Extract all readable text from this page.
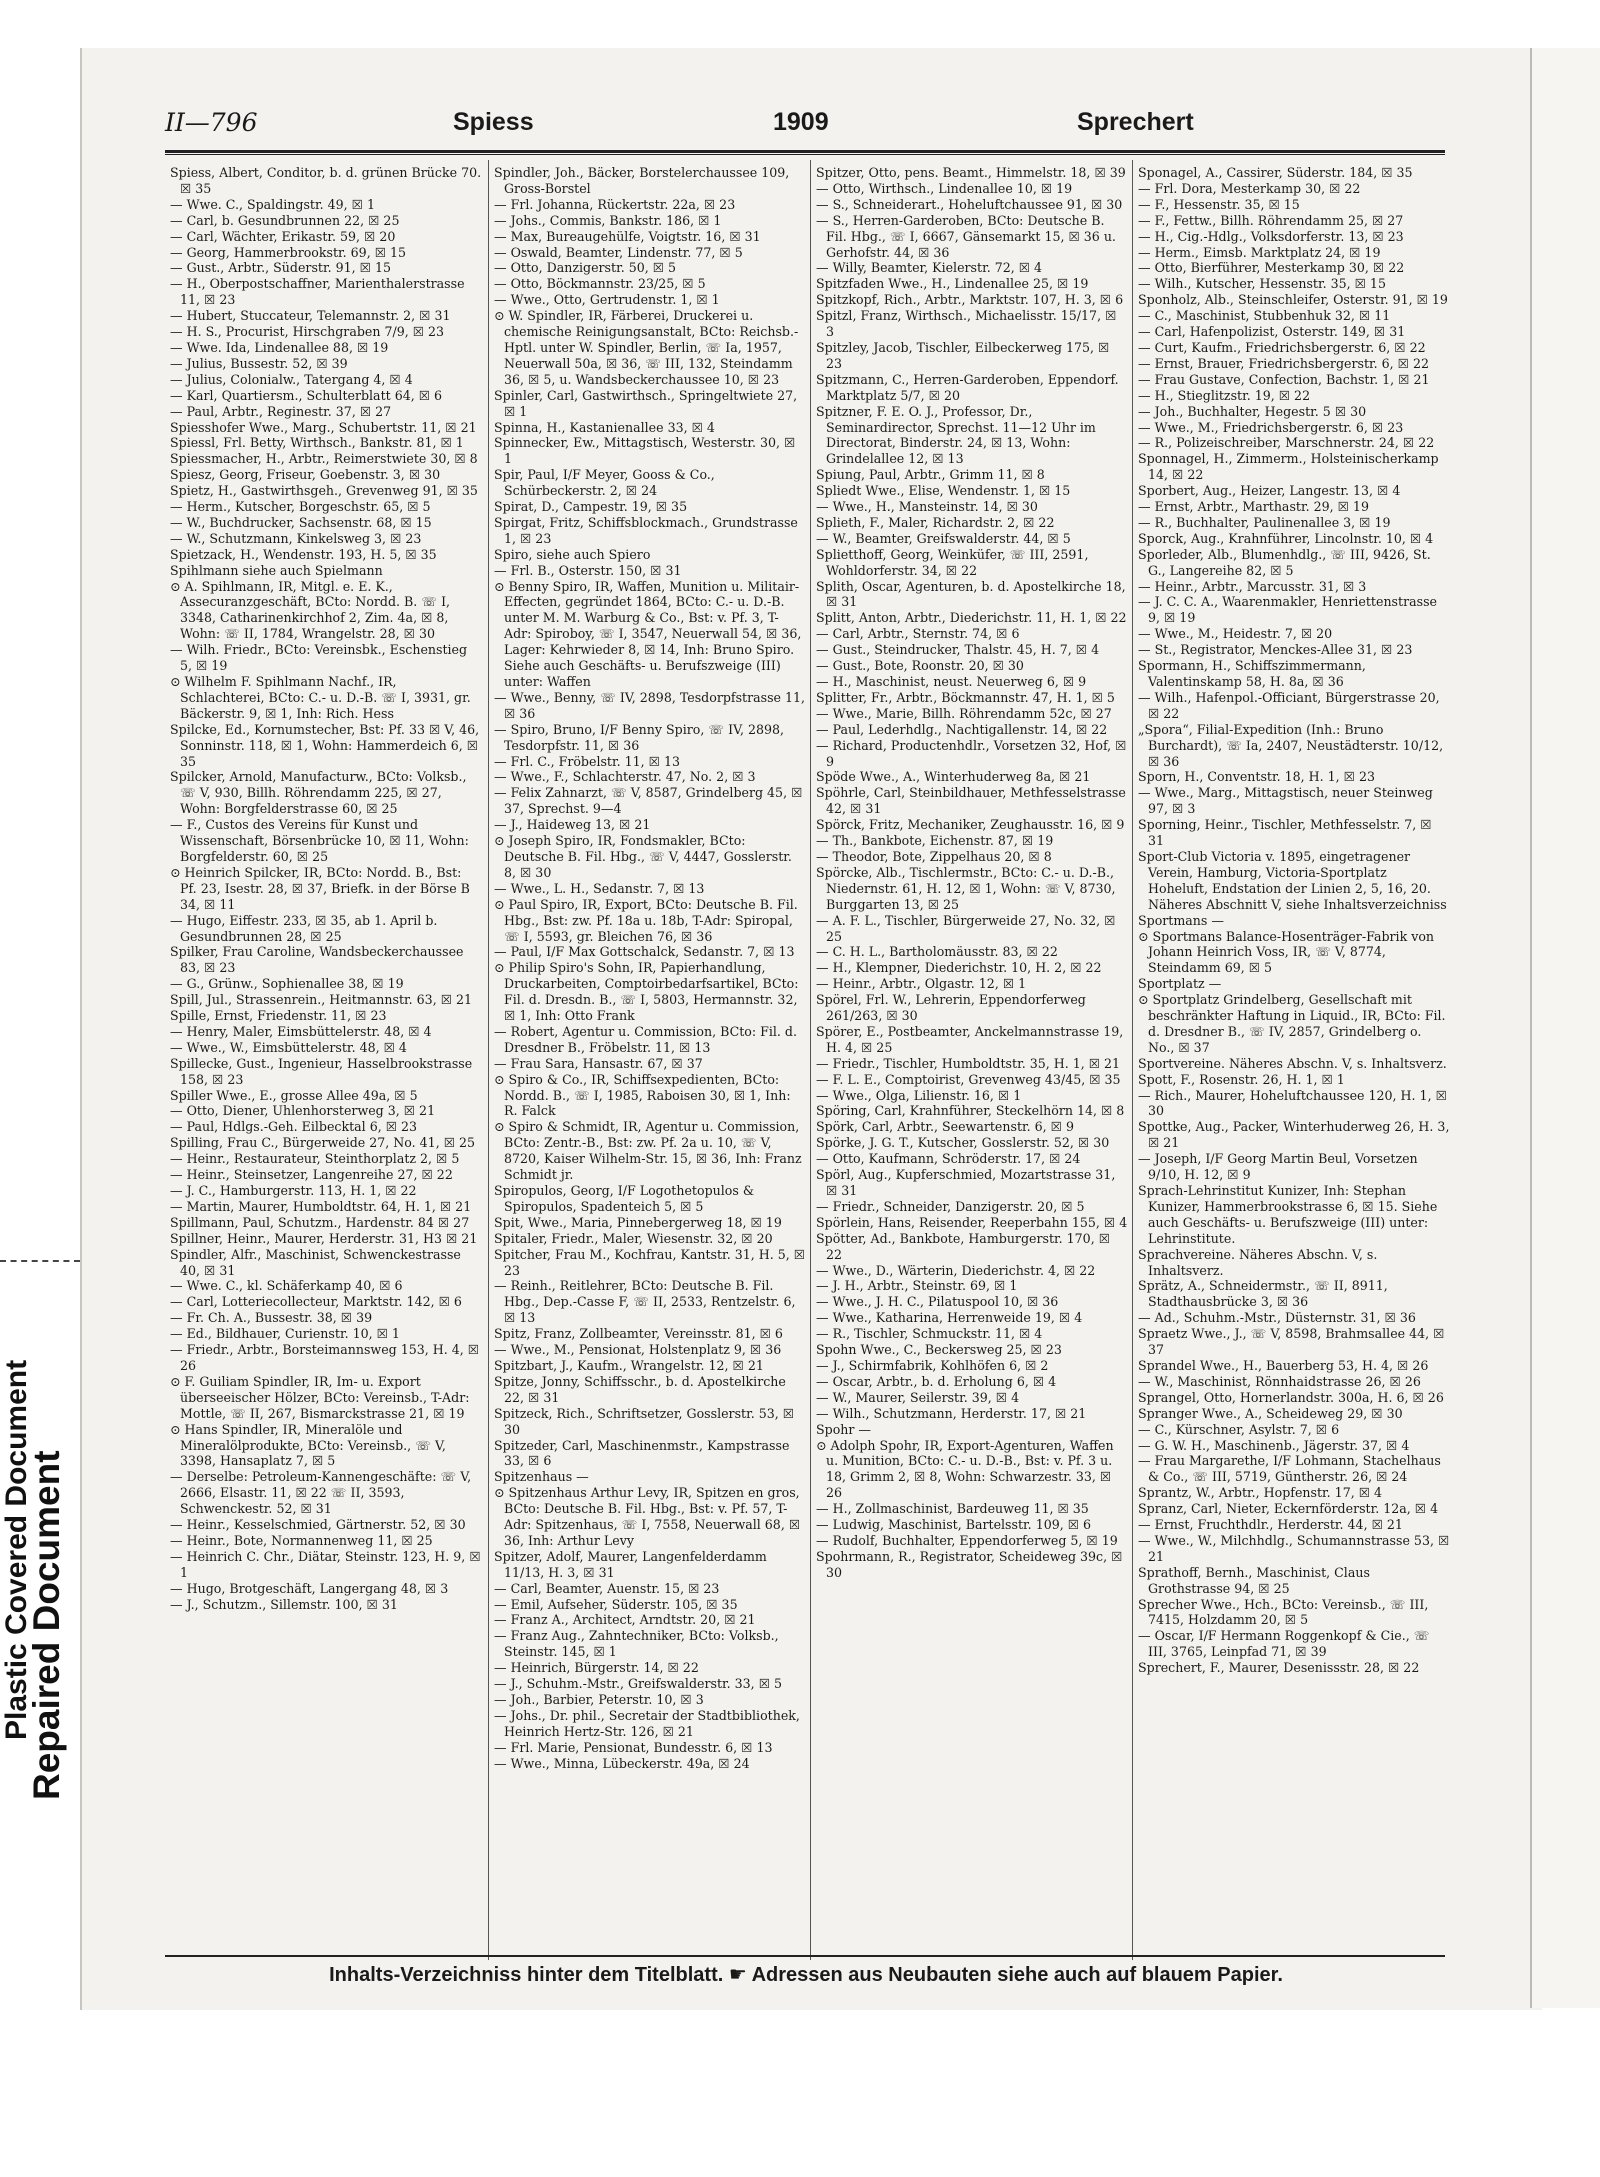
Repaired Document
Plastic Covered Document
II—796	Spiess	1909	Sprechert
Spiess, Albert, Conditor, b. d. grünen Brücke 70. ☒ 35
— Wwe. C., Spaldingstr. 49, ☒ 1
— Carl, b. Gesundbrunnen 22, ☒ 25
— Carl, Wächter, Erikastr. 59, ☒ 20
— Georg, Hammerbrookstr. 69, ☒ 15
— Gust., Arbtr., Süderstr. 91, ☒ 15
— H., Oberpostschaffner, Marienthalerstrasse 11, ☒ 23
— Hubert, Stuccateur, Telemannstr. 2, ☒ 31
— H. S., Procurist, Hirschgraben 7/9, ☒ 23
— Wwe. Ida, Lindenallee 88, ☒ 19
— Julius, Bussestr. 52, ☒ 39
— Julius, Colonialw., Tatergang 4, ☒ 4
— Karl, Quartiersm., Schulterblatt 64, ☒ 6
— Paul, Arbtr., Reginestr. 37, ☒ 27
Spiesshofer Wwe., Marg., Schubertstr. 11, ☒ 21
Spiessl, Frl. Betty, Wirthsch., Bankstr. 81, ☒ 1
Spiessmacher, H., Arbtr., Reimerstwiete 30, ☒ 8
Spiesz, Georg, Friseur, Goebenstr. 3, ☒ 30
Spietz, H., Gastwirthsgeh., Grevenweg 91, ☒ 35
— Herm., Kutscher, Borgeschstr. 65, ☒ 5
— W., Buchdrucker, Sachsenstr. 68, ☒ 15
— W., Schutzmann, Kinkelsweg 3, ☒ 23
Spietzack, H., Wendenstr. 193, H. 5, ☒ 35
Spihlmann siehe auch Spielmann
⊙ A. Spihlmann, IR, Mitgl. e. E. K., Assecuranzgeschäft, BCto: Nordd. B. ☏ I, 3348, Catharinenkirchhof 2, Zim. 4a, ☒ 8, Wohn: ☏ II, 1784, Wrangelstr. 28, ☒ 30
— Wilh. Friedr., BCto: Vereinsbk., Eschenstieg 5, ☒ 19
⊙ Wilhelm F. Spihlmann Nachf., IR, Schlachterei, BCto: C.- u. D.-B. ☏ I, 3931, gr. Bäckerstr. 9, ☒ 1, Inh: Rich. Hess
Spilcke, Ed., Kornumstecher, Bst: Pf. 33 ☒ V, 46, Sonninstr. 118, ☒ 1, Wohn: Hammerdeich 6, ☒ 35
Spilcker, Arnold, Manufacturw., BCto: Volksb., ☏ V, 930, Billh. Röhrendamm 225, ☒ 27, Wohn: Borgfelderstrasse 60, ☒ 25
— F., Custos des Vereins für Kunst und Wissenschaft, Börsenbrücke 10, ☒ 11, Wohn: Borgfelderstr. 60, ☒ 25
⊙ Heinrich Spilcker, IR, BCto: Nordd. B., Bst: Pf. 23, Isestr. 28, ☒ 37, Briefk. in der Börse B 34, ☒ 11
— Hugo, Eiffestr. 233, ☒ 35, ab 1. April b. Gesundbrunnen 28, ☒ 25
Spilker, Frau Caroline, Wandsbeckerchaussee 83, ☒ 23
— G., Grünw., Sophienallee 38, ☒ 19
Spill, Jul., Strassenrein., Heitmannstr. 63, ☒ 21
Spille, Ernst, Friedenstr. 11, ☒ 23
— Henry, Maler, Eimsbüttelerstr. 48, ☒ 4
— Wwe., W., Eimsbüttelerstr. 48, ☒ 4
Spillecke, Gust., Ingenieur, Hasselbrookstrasse 158, ☒ 23
Spiller Wwe., E., grosse Allee 49a, ☒ 5
— Otto, Diener, Uhlenhorsterweg 3, ☒ 21
— Paul, Hdlgs.-Geh. Eilbecktal 6, ☒ 23
Spilling, Frau C., Bürgerweide 27, No. 41, ☒ 25
— Heinr., Restaurateur, Steinthorplatz 2, ☒ 5
— Heinr., Steinsetzer, Langenreihe 27, ☒ 22
— J. C., Hamburgerstr. 113, H. 1, ☒ 22
— Martin, Maurer, Humboldtstr. 64, H. 1, ☒ 21
Spillmann, Paul, Schutzm., Hardenstr. 84 ☒ 27
Spillner, Heinr., Maurer, Herderstr. 31, H3 ☒ 21
Spindler, Alfr., Maschinist, Schwenckestrasse 40, ☒ 31
— Wwe. C., kl. Schäferkamp 40, ☒ 6
— Carl, Lotteriecollecteur, Marktstr. 142, ☒ 6
— Fr. Ch. A., Bussestr. 38, ☒ 39
— Ed., Bildhauer, Curienstr. 10, ☒ 1
— Friedr., Arbtr., Borsteimannsweg 153, H. 4, ☒ 26
⊙ F. Guiliam Spindler, IR, Im- u. Export überseeischer Hölzer, BCto: Vereinsb., T-Adr: Mottle, ☏ II, 267, Bismarckstrasse 21, ☒ 19
⊙ Hans Spindler, IR, Mineralöle und Mineralölprodukte, BCto: Vereinsb., ☏ V, 3398, Hansaplatz 7, ☒ 5
— Derselbe: Petroleum-Kannengeschäfte: ☏ V, 2666, Elsastr. 11, ☒ 22 ☏ II, 3593, Schwenckestr. 52, ☒ 31
— Heinr., Kesselschmied, Gärtnerstr. 52, ☒ 30
— Heinr., Bote, Normannenweg 11, ☒ 25
— Heinrich C. Chr., Diätar, Steinstr. 123, H. 9, ☒ 1
— Hugo, Brotgeschäft, Langergang 48, ☒ 3
— J., Schutzm., Sillemstr. 100, ☒ 31
Spindler, Joh., Bäcker, Borstelerchaussee 109, Gross-Borstel
— Frl. Johanna, Rückertstr. 22a, ☒ 23
— Johs., Commis, Bankstr. 186, ☒ 1
— Max, Bureaugehülfe, Voigtstr. 16, ☒ 31
— Oswald, Beamter, Lindenstr. 77, ☒ 5
— Otto, Danzigerstr. 50, ☒ 5
— Otto, Böckmannstr. 23/25, ☒ 5
— Wwe., Otto, Gertrudenstr. 1, ☒ 1
⊙ W. Spindler, IR, Färberei, Druckerei u. chemische Reinigungsanstalt, BCto: Reichsb.-Hptl. unter W. Spindler, Berlin, ☏ Ia, 1957, Neuerwall 50a, ☒ 36, ☏ III, 132, Steindamm 36, ☒ 5, u. Wandsbeckerchaussee 10, ☒ 23
Spinler, Carl, Gastwirthsch., Springeltwiete 27, ☒ 1
Spinna, H., Kastanienallee 33, ☒ 4
Spinnecker, Ew., Mittagstisch, Westerstr. 30, ☒ 1
Spir, Paul, I/F Meyer, Gooss & Co., Schürbeckerstr. 2, ☒ 24
Spirat, D., Campestr. 19, ☒ 35
Spirgat, Fritz, Schiffsblockmach., Grundstrasse 1, ☒ 23
Spiro, siehe auch Spiero
— Frl. B., Osterstr. 150, ☒ 31
⊙ Benny Spiro, IR, Waffen, Munition u. Militair-Effecten, gegründet 1864, BCto: C.- u. D.-B. unter M. M. Warburg & Co., Bst: v. Pf. 3, T-Adr: Spiroboy, ☏ I, 3547, Neuerwall 54, ☒ 36, Lager: Kehrwieder 8, ☒ 14, Inh: Bruno Spiro. Siehe auch Geschäfts- u. Berufszweige (III) unter: Waffen
— Wwe., Benny, ☏ IV, 2898, Tesdorpfstrasse 11, ☒ 36
— Spiro, Bruno, I/F Benny Spiro, ☏ IV, 2898, Tesdorpfstr. 11, ☒ 36
— Frl. C., Fröbelstr. 11, ☒ 13
— Wwe., F., Schlachterstr. 47, No. 2, ☒ 3
— Felix Zahnarzt, ☏ V, 8587, Grindelberg 45, ☒ 37, Sprechst. 9—4
— J., Haideweg 13, ☒ 21
⊙ Joseph Spiro, IR, Fondsmakler, BCto: Deutsche B. Fil. Hbg., ☏ V, 4447, Gosslerstr. 8, ☒ 30
— Wwe., L. H., Sedanstr. 7, ☒ 13
⊙ Paul Spiro, IR, Export, BCto: Deutsche B. Fil. Hbg., Bst: zw. Pf. 18a u. 18b, T-Adr: Spiropal, ☏ I, 5593, gr. Bleichen 76, ☒ 36
— Paul, I/F Max Gottschalck, Sedanstr. 7, ☒ 13
⊙ Philip Spiro's Sohn, IR, Papierhandlung, Druckarbeiten, Comptoirbedarfsartikel, BCto: Fil. d. Dresdn. B., ☏ I, 5803, Hermannstr. 32, ☒ 1, Inh: Otto Frank
— Robert, Agentur u. Commission, BCto: Fil. d. Dresdner B., Fröbelstr. 11, ☒ 13
— Frau Sara, Hansastr. 67, ☒ 37
⊙ Spiro & Co., IR, Schiffsexpedienten, BCto: Nordd. B., ☏ I, 1985, Raboisen 30, ☒ 1, Inh: R. Falck
⊙ Spiro & Schmidt, IR, Agentur u. Commission, BCto: Zentr.-B., Bst: zw. Pf. 2a u. 10, ☏ V, 8720, Kaiser Wilhelm-Str. 15, ☒ 36, Inh: Franz Schmidt jr.
Spiropulos, Georg, I/F Logothetopulos & Spiropulos, Spadenteich 5, ☒ 5
Spit, Wwe., Maria, Pinnebergerweg 18, ☒ 19
Spitaler, Friedr., Maler, Wiesenstr. 32, ☒ 20
Spitcher, Frau M., Kochfrau, Kantstr. 31, H. 5, ☒ 23
— Reinh., Reitlehrer, BCto: Deutsche B. Fil. Hbg., Dep.-Casse F, ☏ II, 2533, Rentzelstr. 6, ☒ 13
Spitz, Franz, Zollbeamter, Vereinsstr. 81, ☒ 6
— Wwe., M., Pensionat, Holstenplatz 9, ☒ 36
Spitzbart, J., Kaufm., Wrangelstr. 12, ☒ 21
Spitze, Jonny, Schiffsschr., b. d. Apostelkirche 22, ☒ 31
Spitzeck, Rich., Schriftsetzer, Gosslerstr. 53, ☒ 30
Spitzeder, Carl, Maschinenmstr., Kampstrasse 33, ☒ 6
Spitzenhaus —
⊙ Spitzenhaus Arthur Levy, IR, Spitzen en gros, BCto: Deutsche B. Fil. Hbg., Bst: v. Pf. 57, T-Adr: Spitzenhaus, ☏ I, 7558, Neuerwall 68, ☒ 36, Inh: Arthur Levy
Spitzer, Adolf, Maurer, Langenfelderdamm 11/13, H. 3, ☒ 31
— Carl, Beamter, Auenstr. 15, ☒ 23
— Emil, Aufseher, Süderstr. 105, ☒ 35
— Franz A., Architect, Arndtstr. 20, ☒ 21
— Franz Aug., Zahntechniker, BCto: Volksb., Steinstr. 145, ☒ 1
— Heinrich, Bürgerstr. 14, ☒ 22
— J., Schuhm.-Mstr., Greifswalderstr. 33, ☒ 5
— Joh., Barbier, Peterstr. 10, ☒ 3
— Johs., Dr. phil., Secretair der Stadtbibliothek, Heinrich Hertz-Str. 126, ☒ 21
— Frl. Marie, Pensionat, Bundesstr. 6, ☒ 13
— Wwe., Minna, Lübeckerstr. 49a, ☒ 24
Spitzer, Otto, pens. Beamt., Himmelstr. 18, ☒ 39
— Otto, Wirthsch., Lindenallee 10, ☒ 19
— S., Schneiderart., Hoheluftchaussee 91, ☒ 30
— S., Herren-Garderoben, BCto: Deutsche B. Fil. Hbg., ☏ I, 6667, Gänsemarkt 15, ☒ 36 u. Gerhofstr. 44, ☒ 36
— Willy, Beamter, Kielerstr. 72, ☒ 4
Spitzfaden Wwe., H., Lindenallee 25, ☒ 19
Spitzkopf, Rich., Arbtr., Marktstr. 107, H. 3, ☒ 6
Spitzl, Franz, Wirthsch., Michaelisstr. 15/17, ☒ 3
Spitzley, Jacob, Tischler, Eilbeckerweg 175, ☒ 23
Spitzmann, C., Herren-Garderoben, Eppendorf. Marktplatz 5/7, ☒ 20
Spitzner, F. E. O. J., Professor, Dr., Seminardirector, Sprechst. 11—12 Uhr im Directorat, Binderstr. 24, ☒ 13, Wohn: Grindelallee 12, ☒ 13
Spiung, Paul, Arbtr., Grimm 11, ☒ 8
Spliedt Wwe., Elise, Wendenstr. 1, ☒ 15
— Wwe., H., Mansteinstr. 14, ☒ 30
Splieth, F., Maler, Richardstr. 2, ☒ 22
— W., Beamter, Greifswalderstr. 44, ☒ 5
Splietthoff, Georg, Weinküfer, ☏ III, 2591, Wohldorferstr. 34, ☒ 22
Splith, Oscar, Agenturen, b. d. Apostelkirche 18, ☒ 31
Splitt, Anton, Arbtr., Diederichstr. 11, H. 1, ☒ 22
— Carl, Arbtr., Sternstr. 74, ☒ 6
— Gust., Steindrucker, Thalstr. 45, H. 7, ☒ 4
— Gust., Bote, Roonstr. 20, ☒ 30
— H., Maschinist, neust. Neuerweg 6, ☒ 9
Splitter, Fr., Arbtr., Böckmannstr. 47, H. 1, ☒ 5
— Wwe., Marie, Billh. Röhrendamm 52c, ☒ 27
— Paul, Lederhdlg., Nachtigallenstr. 14, ☒ 22
— Richard, Productenhdlr., Vorsetzen 32, Hof, ☒ 9
Spöde Wwe., A., Winterhuderweg 8a, ☒ 21
Spöhrle, Carl, Steinbildhauer, Methfesselstrasse 42, ☒ 31
Spörck, Fritz, Mechaniker, Zeughausstr. 16, ☒ 9
— Th., Bankbote, Eichenstr. 87, ☒ 19
— Theodor, Bote, Zippelhaus 20, ☒ 8
Spörcke, Alb., Tischlermstr., BCto: C.- u. D.-B., Niedernstr. 61, H. 12, ☒ 1, Wohn: ☏ V, 8730, Burggarten 13, ☒ 25
— A. F. L., Tischler, Bürgerweide 27, No. 32, ☒ 25
— C. H. L., Bartholomäusstr. 83, ☒ 22
— H., Klempner, Diederichstr. 10, H. 2, ☒ 22
— Heinr., Arbtr., Olgastr. 12, ☒ 1
Spörel, Frl. W., Lehrerin, Eppendorferweg 261/263, ☒ 30
Spörer, E., Postbeamter, Anckelmannstrasse 19, H. 4, ☒ 25
— Friedr., Tischler, Humboldtstr. 35, H. 1, ☒ 21
— F. L. E., Comptoirist, Grevenweg 43/45, ☒ 35
— Wwe., Olga, Lilienstr. 16, ☒ 1
Spöring, Carl, Krahnführer, Steckelhörn 14, ☒ 8
Spörk, Carl, Arbtr., Seewartenstr. 6, ☒ 9
Spörke, J. G. T., Kutscher, Gosslerstr. 52, ☒ 30
— Otto, Kaufmann, Schröderstr. 17, ☒ 24
Spörl, Aug., Kupferschmied, Mozartstrasse 31, ☒ 31
— Friedr., Schneider, Danzigerstr. 20, ☒ 5
Spörlein, Hans, Reisender, Reeperbahn 155, ☒ 4
Spötter, Ad., Bankbote, Hamburgerstr. 170, ☒ 22
— Wwe., D., Wärterin, Diederichstr. 4, ☒ 22
— J. H., Arbtr., Steinstr. 69, ☒ 1
— Wwe., J. H. C., Pilatuspool 10, ☒ 36
— Wwe., Katharina, Herrenweide 19, ☒ 4
— R., Tischler, Schmuckstr. 11, ☒ 4
Spohn Wwe., C., Beckersweg 25, ☒ 23
— J., Schirmfabrik, Kohlhöfen 6, ☒ 2
— Oscar, Arbtr., b. d. Erholung 6, ☒ 4
— W., Maurer, Seilerstr. 39, ☒ 4
— Wilh., Schutzmann, Herderstr. 17, ☒ 21
Spohr —
⊙ Adolph Spohr, IR, Export-Agenturen, Waffen u. Munition, BCto: C.- u. D.-B., Bst: v. Pf. 3 u. 18, Grimm 2, ☒ 8, Wohn: Schwarzestr. 33, ☒ 26
— H., Zollmaschinist, Bardeuweg 11, ☒ 35
— Ludwig, Maschinist, Bartelsstr. 109, ☒ 6
— Rudolf, Buchhalter, Eppendorferweg 5, ☒ 19
Spohrmann, R., Registrator, Scheideweg 39c, ☒ 30
Sponagel, A., Cassirer, Süderstr. 184, ☒ 35
— Frl. Dora, Mesterkamp 30, ☒ 22
— F., Hessenstr. 35, ☒ 15
— F., Fettw., Billh. Röhrendamm 25, ☒ 27
— H., Cig.-Hdlg., Volksdorferstr. 13, ☒ 23
— Herm., Eimsb. Marktplatz 24, ☒ 19
— Otto, Bierführer, Mesterkamp 30, ☒ 22
— Wilh., Kutscher, Hessenstr. 35, ☒ 15
Sponholz, Alb., Steinschleifer, Osterstr. 91, ☒ 19
— C., Maschinist, Stubbenhuk 32, ☒ 11
— Carl, Hafenpolizist, Osterstr. 149, ☒ 31
— Curt, Kaufm., Friedrichsbergerstr. 6, ☒ 22
— Ernst, Brauer, Friedrichsbergerstr. 6, ☒ 22
— Frau Gustave, Confection, Bachstr. 1, ☒ 21
— H., Stieglitzstr. 19, ☒ 22
— Joh., Buchhalter, Hegestr. 5 ☒ 30
— Wwe., M., Friedrichsbergerstr. 6, ☒ 23
— R., Polizeischreiber, Marschnerstr. 24, ☒ 22
Sponnagel, H., Zimmerm., Holsteinischerkamp 14, ☒ 22
Sporbert, Aug., Heizer, Langestr. 13, ☒ 4
— Ernst, Arbtr., Marthastr. 29, ☒ 19
— R., Buchhalter, Paulinenallee 3, ☒ 19
Sporck, Aug., Krahnführer, Lincolnstr. 10, ☒ 4
Sporleder, Alb., Blumenhdlg., ☏ III, 9426, St. G., Langereihe 82, ☒ 5
— Heinr., Arbtr., Marcusstr. 31, ☒ 3
— J. C. C. A., Waarenmakler, Henriettenstrasse 9, ☒ 19
— Wwe., M., Heidestr. 7, ☒ 20
— St., Registrator, Menckes-Allee 31, ☒ 23
Spormann, H., Schiffszimmermann, Valentinskamp 58, H. 8a, ☒ 36
— Wilh., Hafenpol.-Officiant, Bürgerstrasse 20, ☒ 22
„Spora“, Filial-Expedition (Inh.: Bruno Burchardt), ☏ Ia, 2407, Neustädterstr. 10/12, ☒ 36
Sporn, H., Conventstr. 18, H. 1, ☒ 23
— Wwe., Marg., Mittagstisch, neuer Steinweg 97, ☒ 3
Sporning, Heinr., Tischler, Methfesselstr. 7, ☒ 31
Sport-Club Victoria v. 1895, eingetragener Verein, Hamburg, Victoria-Sportplatz Hoheluft, Endstation der Linien 2, 5, 16, 20. Näheres Abschnitt V, siehe Inhaltsverzeichniss
Sportmans —
⊙ Sportmans Balance-Hosenträger-Fabrik von Johann Heinrich Voss, IR, ☏ V, 8774, Steindamm 69, ☒ 5
Sportplatz —
⊙ Sportplatz Grindelberg, Gesellschaft mit beschränkter Haftung in Liquid., IR, BCto: Fil. d. Dresdner B., ☏ IV, 2857, Grindelberg o. No., ☒ 37
Sportvereine. Näheres Abschn. V, s. Inhaltsverz.
Spott, F., Rosenstr. 26, H. 1, ☒ 1
— Rich., Maurer, Hoheluftchaussee 120, H. 1, ☒ 30
Spottke, Aug., Packer, Winterhuderweg 26, H. 3, ☒ 21
— Joseph, I/F Georg Martin Beul, Vorsetzen 9/10, H. 12, ☒ 9
Sprach-Lehrinstitut Kunizer, Inh: Stephan Kunizer, Hammerbrookstrasse 6, ☒ 15. Siehe auch Geschäfts- u. Berufszweige (III) unter: Lehrinstitute.
Sprachvereine. Näheres Abschn. V, s. Inhaltsverz.
Sprätz, A., Schneidermstr., ☏ II, 8911, Stadthausbrücke 3, ☒ 36
— Ad., Schuhm.-Mstr., Düsternstr. 31, ☒ 36
Spraetz Wwe., J., ☏ V, 8598, Brahmsallee 44, ☒ 37
Sprandel Wwe., H., Bauerberg 53, H. 4, ☒ 26
— W., Maschinist, Rönnhaidstrasse 26, ☒ 26
Sprangel, Otto, Hornerlandstr. 300a, H. 6, ☒ 26
Spranger Wwe., A., Scheideweg 29, ☒ 30
— C., Kürschner, Asylstr. 7, ☒ 6
— G. W. H., Maschinenb., Jägerstr. 37, ☒ 4
— Frau Margarethe, I/F Lohmann, Stachelhaus & Co., ☏ III, 5719, Güntherstr. 26, ☒ 24
Sprantz, W., Arbtr., Hopfenstr. 17, ☒ 4
Spranz, Carl, Nieter, Eckernförderstr. 12a, ☒ 4
— Ernst, Fruchthdlr., Herderstr. 44, ☒ 21
— Wwe., W., Milchhdlg., Schumannstrasse 53, ☒ 21
Sprathoff, Bernh., Maschinist, Claus Grothstrasse 94, ☒ 25
Sprecher Wwe., Hch., BCto: Vereinsb., ☏ III, 7415, Holzdamm 20, ☒ 5
— Oscar, I/F Hermann Roggenkopf & Cie., ☏ III, 3765, Leinpfad 71, ☒ 39
Sprechert, F., Maurer, Desenissstr. 28, ☒ 22
Inhalts-Verzeichniss hinter dem Titelblatt. ☛ Adressen aus Neubauten siehe auch auf blauem Papier.
